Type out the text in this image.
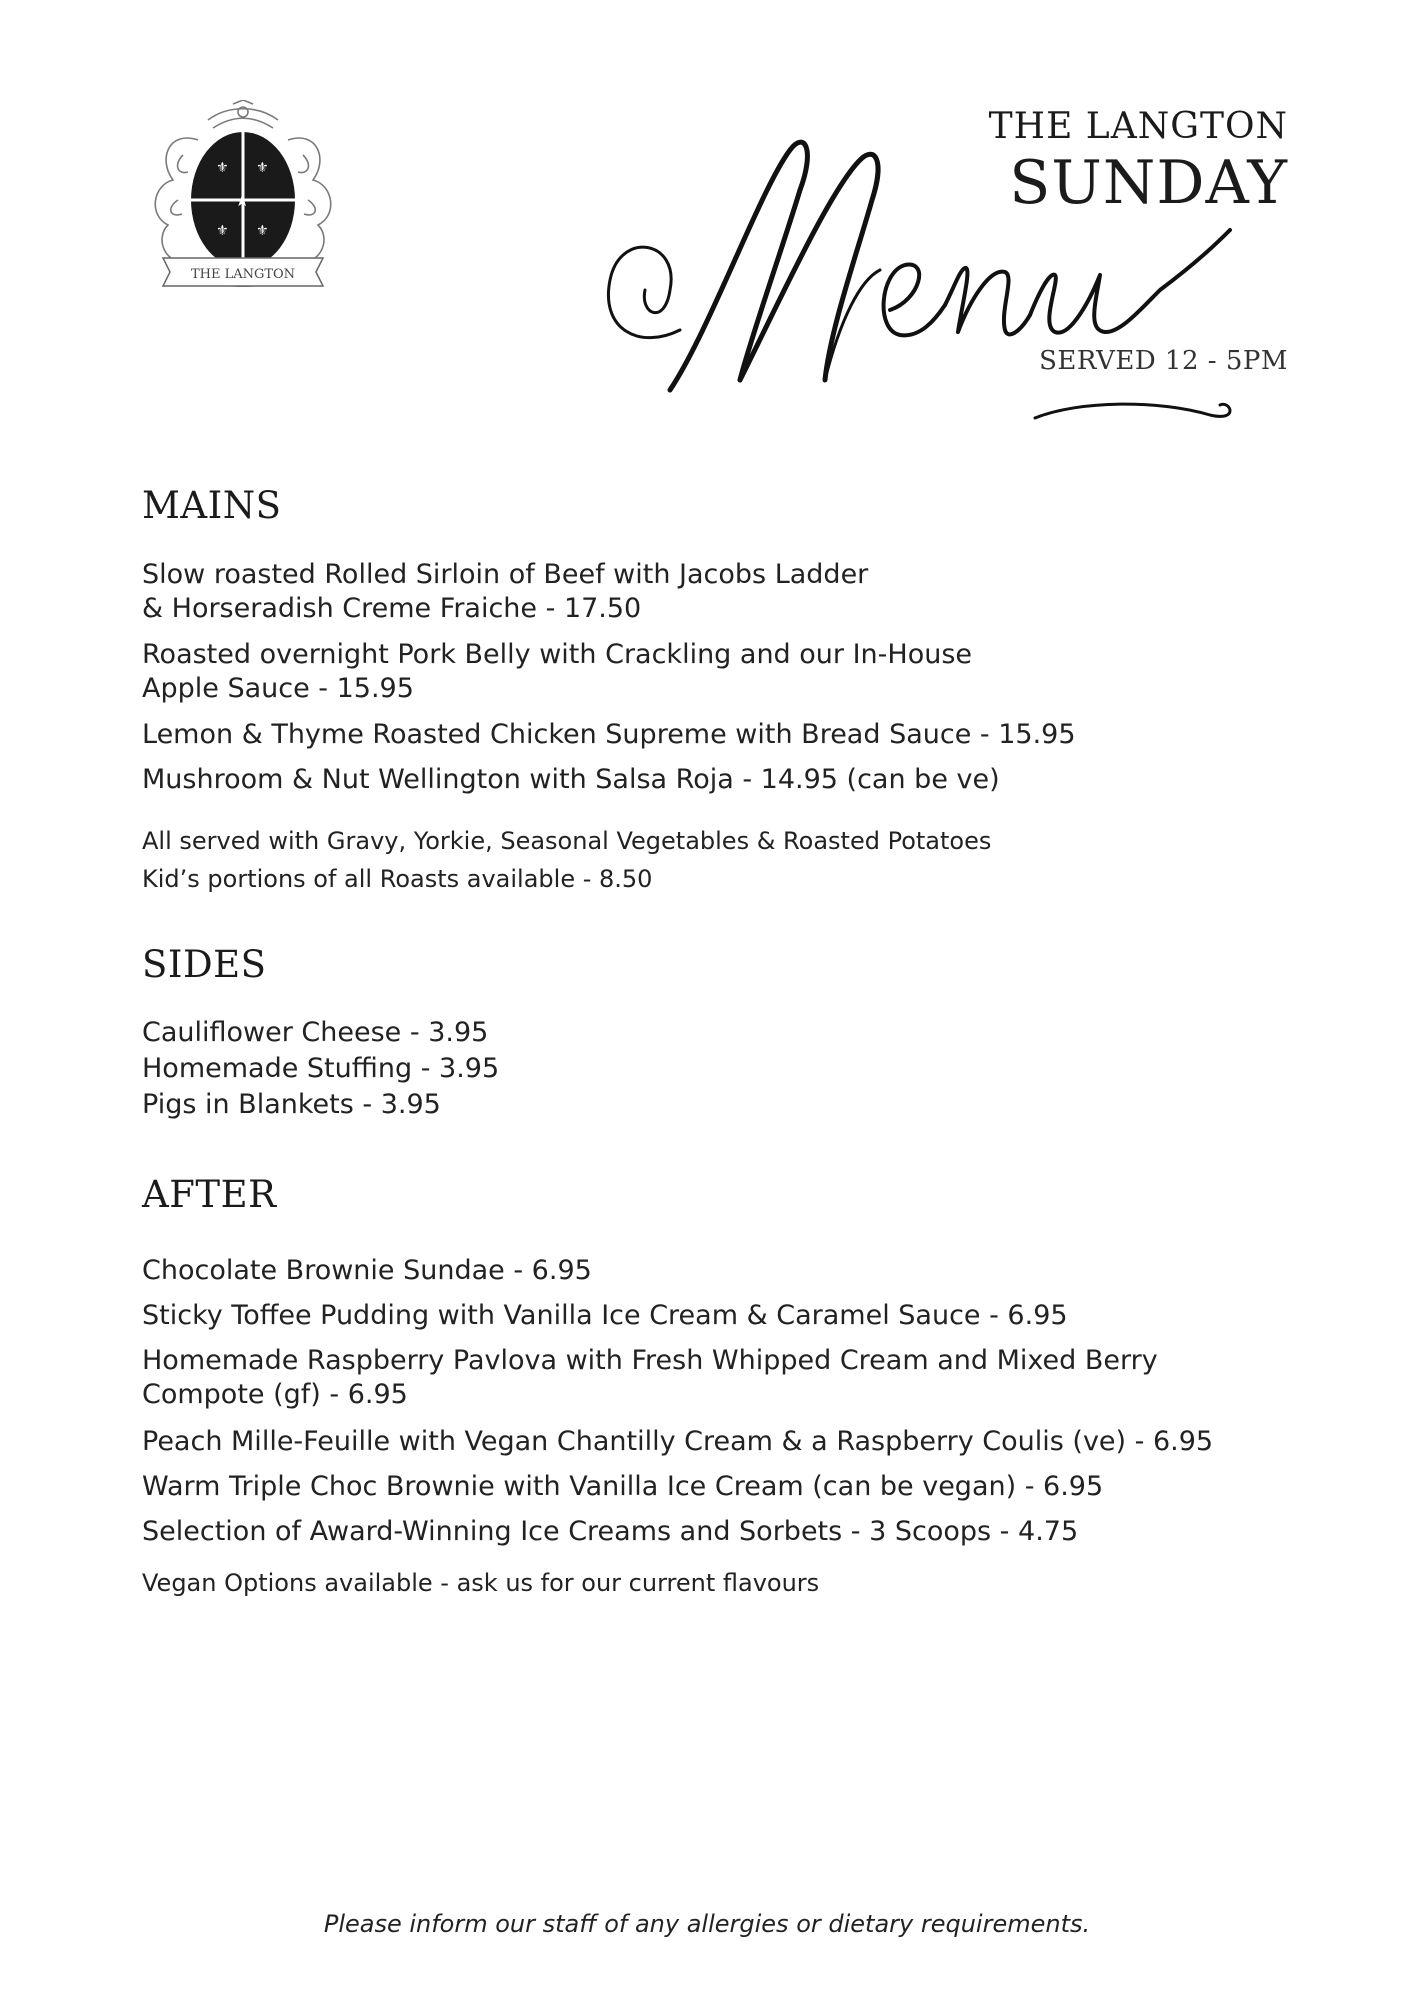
⚜ ⚜
⚜ ⚜
★
THE LANGTON
THE LANGTON
SUNDAY
SERVED 12 - 5PM
MAINS
Slow roasted Rolled Sirloin of Beef with Jacobs Ladder
& Horseradish Creme Fraiche - 17.50
Roasted overnight Pork Belly with Crackling and our In-House
Apple Sauce - 15.95
Lemon & Thyme Roasted Chicken Supreme with Bread Sauce - 15.95
Mushroom & Nut Wellington with Salsa Roja - 14.95 (can be ve)
All served with Gravy, Yorkie, Seasonal Vegetables & Roasted Potatoes
Kid’s portions of all Roasts available - 8.50
SIDES
Cauliflower Cheese - 3.95
Homemade Stuffing - 3.95
Pigs in Blankets - 3.95
AFTER
Chocolate Brownie Sundae - 6.95
Sticky Toffee Pudding with Vanilla Ice Cream & Caramel Sauce - 6.95
Homemade Raspberry Pavlova with Fresh Whipped Cream and Mixed Berry
Compote (gf) - 6.95
Peach Mille-Feuille with Vegan Chantilly Cream & a Raspberry Coulis (ve) - 6.95
Warm Triple Choc Brownie with Vanilla Ice Cream (can be vegan) - 6.95
Selection of Award-Winning Ice Creams and Sorbets - 3 Scoops - 4.75
Vegan Options available - ask us for our current flavours
Please inform our staff of any allergies or dietary requirements.
